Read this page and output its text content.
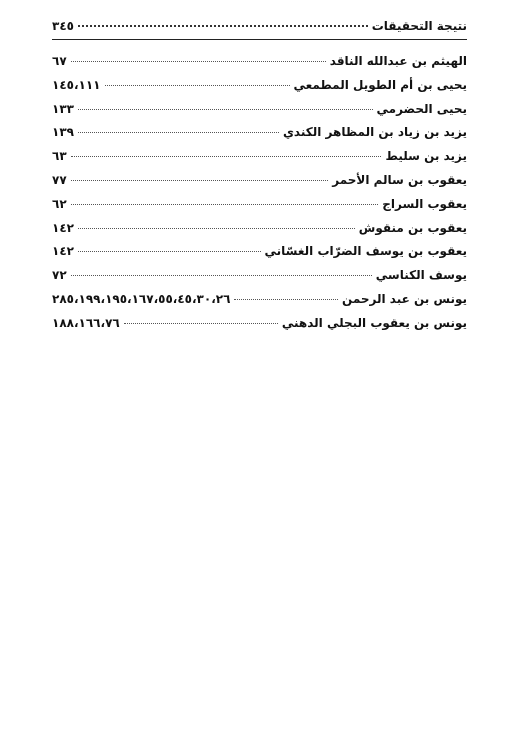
نتيجة التحقيقات
٣٤٥
الهيثم بن عبدالله الناقد
٦٧
يحيى بن أم الطويل المطمعي
١٤٥،١١١
يحيى الحضرمي
١٣٣
يزيد بن زياد بن المظاهر الكندي
١٣٩
يزيد بن سليط
٦٣
يعقوب بن سالم الأحمر
٧٧
يعقوب السراج
٦٢
يعقوب بن منقوش
١٤٢
يعقوب بن يوسف الضرّاب الغسّاني
١٤٢
يوسف الكناسي
٧٢
يونس بن عبد الرحمن
٢٨٥،١٩٩،١٩٥،١٦٧،٥٥،٤٥،٣٠،٢٦
يونس بن يعقوب البجلي الدهني
١٨٨،١٦٦،٧٦
